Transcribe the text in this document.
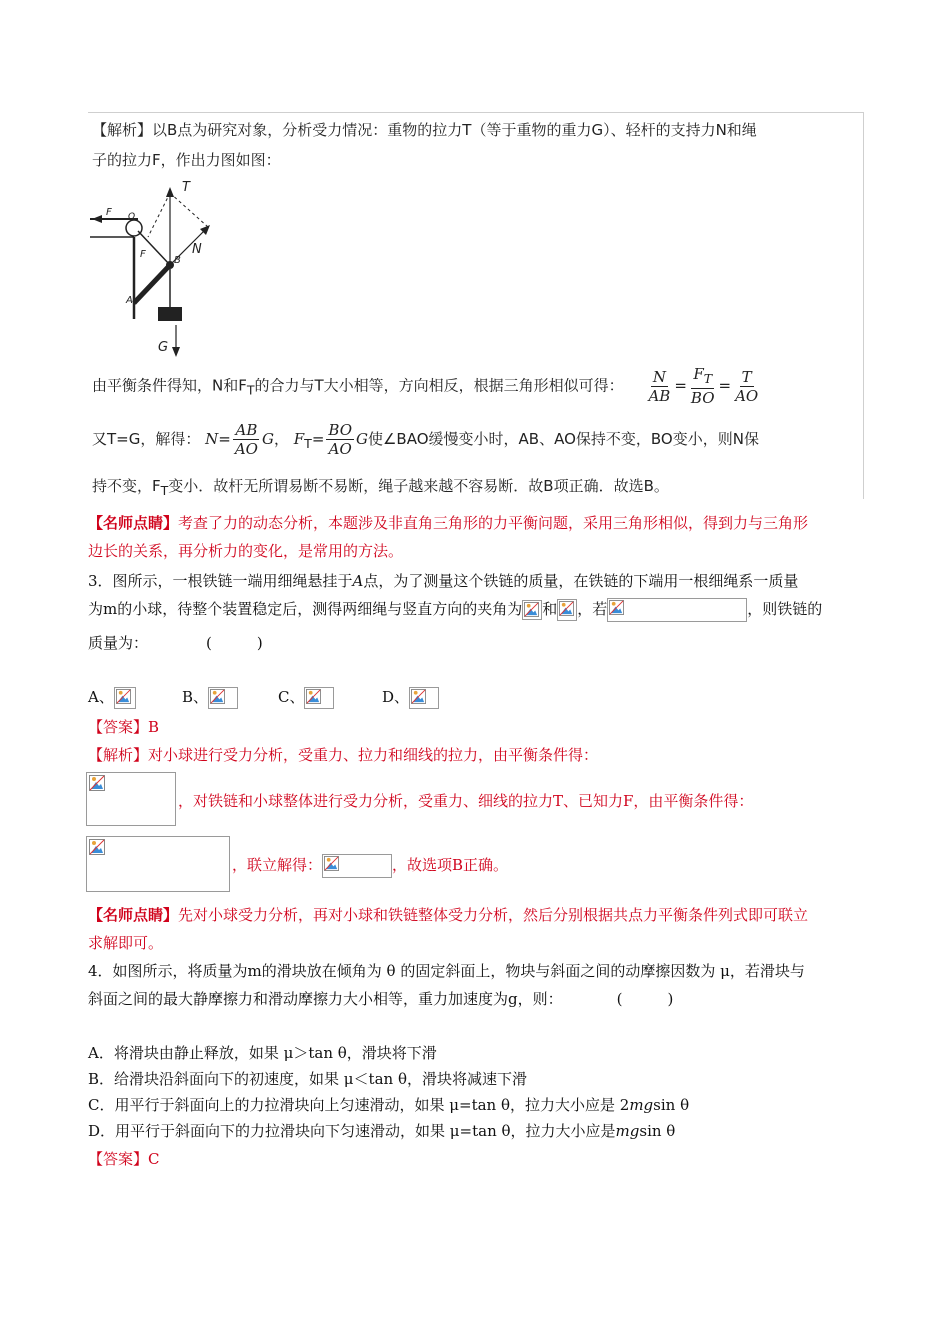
【解析】以B点为研究对象，分析受力情况：重物的拉力T（等于重物的重力G）、轻杆的支持力N和绳
子的拉力F，作出力图如图：
T
F O
F
B
N
A
G
由平衡条件得知，N和$F_T$的合力与T大小相等，方向相反，根据三角形相似可得： $\frac{N}{AB} = \frac{F_T}{BO} = \frac{T}{AO}$
又T=G，解得： $N= \frac{AB}{AO}$ G， $F_T= \frac{BO}{AO}$ G使∠BAO缓慢变小时，AB、AO保持不变，BO变小，则N保
持不变，$F_T$变小．故杆无所谓易断不易断，绳子越来越不容易断．故B项正确．故选B。
【名师点睛】考查了力的动态分析，本题涉及非直角三角形的力平衡问题，采用三角形相似，得到力与三角形
边长的关系，再分析力的变化，是常用的方法。
3．图所示，一根铁链一端用细绳悬挂于A点，为了测量这个铁链的质量，在铁链的下端用一根细绳系一质量
为m的小球，待整个装置稳定后，测得两细绳与竖直方向的夹角为 和 ，若	，则铁链的
质量为：	(　　　)
A、	B、	C、	D、
【答案】B
【解析】对小球进行受力分析，受重力、拉力和细线的拉力，由平衡条件得：
，对铁链和小球整体进行受力分析，受重力、细线的拉力T、已知力F，由平衡条件得：
，联立解得：	，故选项B正确。
【名师点睛】先对小球受力分析，再对小球和铁链整体受力分析，然后分别根据共点力平衡条件列式即可联立
求解即可。
4．如图所示，将质量为m的滑块放在倾角为 θ 的固定斜面上，物块与斜面之间的动摩擦因数为 μ，若滑块与
斜面之间的最大静摩擦力和滑动摩擦力大小相等，重力加速度为g，则：	(　　　)
A．将滑块由静止释放，如果 μ＞tan θ，滑块将下滑
B．给滑块沿斜面向下的初速度，如果 μ＜tan θ，滑块将减速下滑
C．用平行于斜面向上的力拉滑块向上匀速滑动，如果 μ=tan θ，拉力大小应是 2mgsin θ
D．用平行于斜面向下的力拉滑块向下匀速滑动，如果 μ=tan θ，拉力大小应是mgsin θ
【答案】C
